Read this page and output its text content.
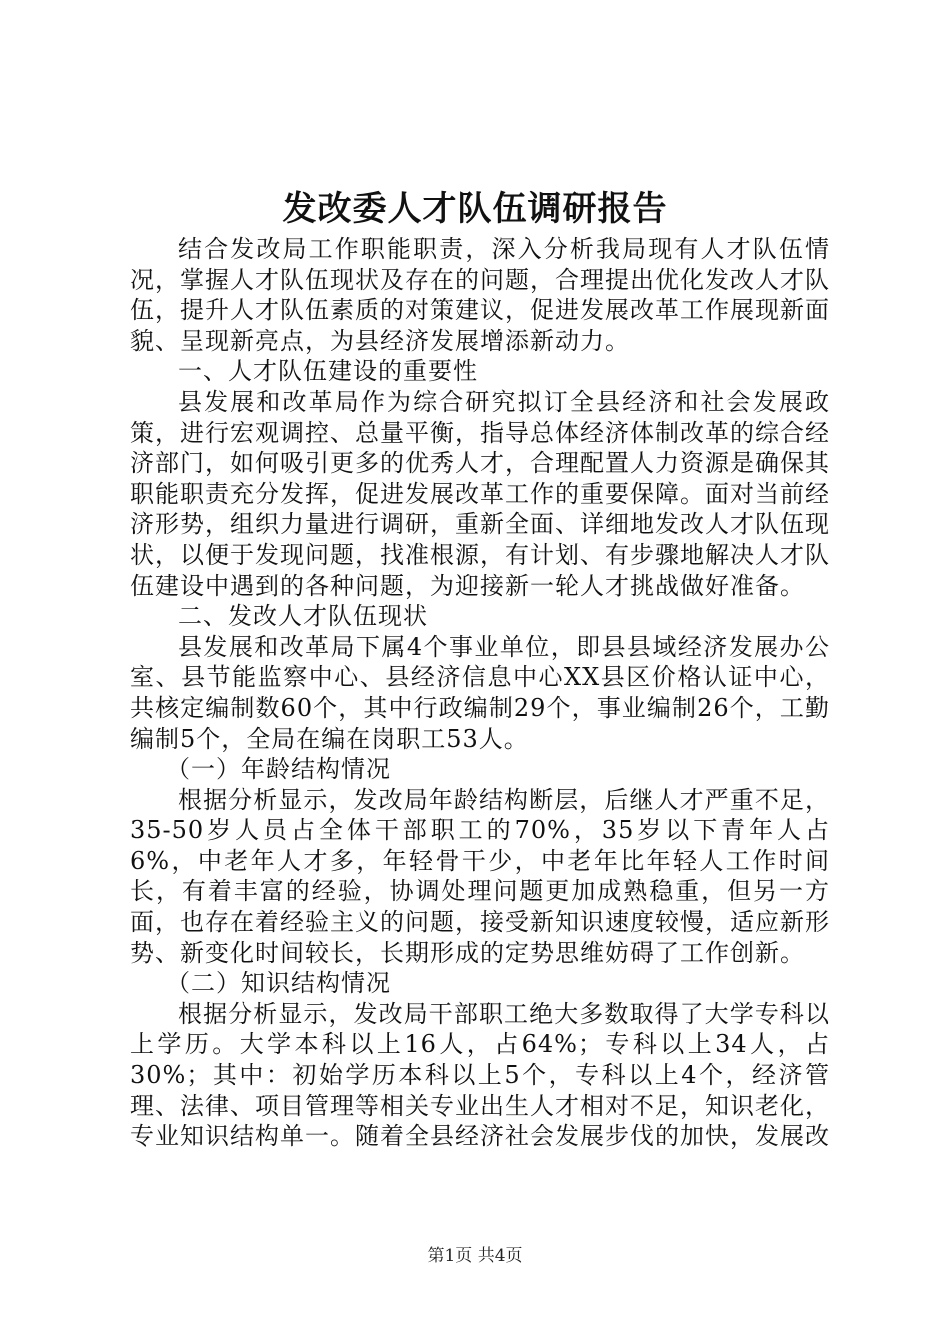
发改委人才队伍调研报告

结合发改局工作职能职责，深入分析我局现有人才队伍情况，掌握人才队伍现状及存在的问题，合理提出优化发改人才队伍，提升人才队伍素质的对策建议，促进发展改革工作展现新面貌、呈现新亮点，为县经济发展增添新动力。

一、人才队伍建设的重要性

县发展和改革局作为综合研究拟订全县经济和社会发展政策，进行宏观调控、总量平衡，指导总体经济体制改革的综合经济部门，如何吸引更多的优秀人才，合理配置人力资源是确保其职能职责充分发挥，促进发展改革工作的重要保障。面对当前经济形势，组织力量进行调研，重新全面、详细地发改人才队伍现状，以便于发现问题，找准根源，有计划、有步骤地解决人才队伍建设中遇到的各种问题，为迎接新一轮人才挑战做好准备。

二、发改人才队伍现状

县发展和改革局下属4个事业单位，即县县域经济发展办公室、县节能监察中心、县经济信息中心XX县区价格认证中心，共核定编制数60个，其中行政编制29个，事业编制26个，工勤编制5个，全局在编在岗职工53人。

（一）年龄结构情况

根据分析显示，发改局年龄结构断层，后继人才严重不足，35-50岁人员占全体干部职工的70%，35岁以下青年人占6%，中老年人才多，年轻骨干少，中老年比年轻人工作时间长，有着丰富的经验，协调处理问题更加成熟稳重，但另一方面，也存在着经验主义的问题，接受新知识速度较慢，适应新形势、新变化时间较长，长期形成的定势思维妨碍了工作创新。

（二）知识结构情况

根据分析显示，发改局干部职工绝大多数取得了大学专科以上学历。大学本科以上16人，占64%；专科以上34人，占30%；其中：初始学历本科以上5个，专科以上4个，经济管理、法律、项目管理等相关专业出生人才相对不足，知识老化，专业知识结构单一。随着全县经济社会发展步伐的加快，发展改

第1页 共4页
